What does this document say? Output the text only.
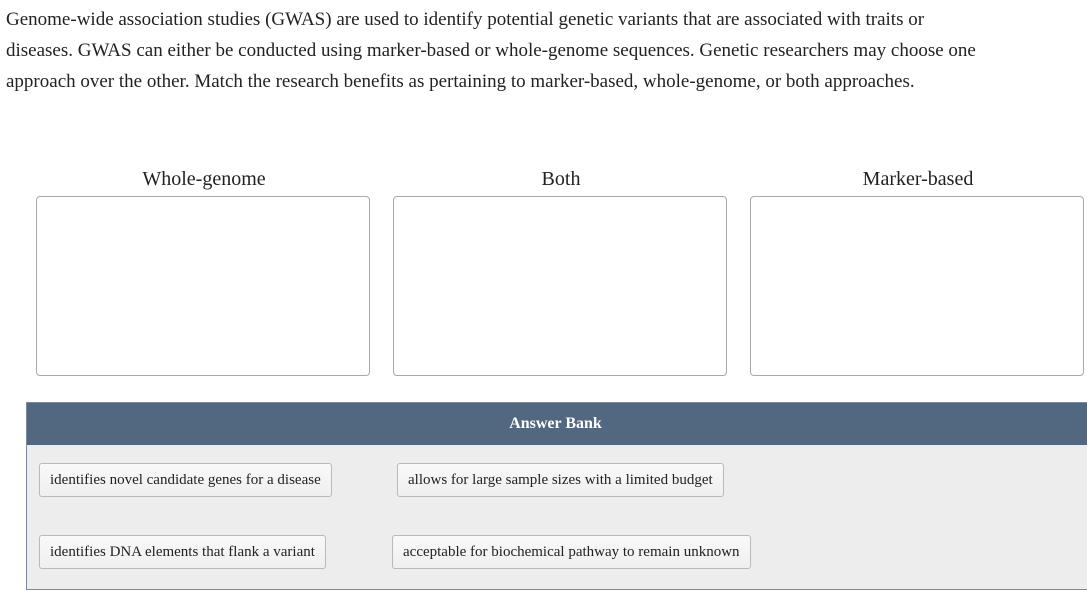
Genome-wide association studies (GWAS) are used to identify potential genetic variants that are associated with traits or
diseases. GWAS can either be conducted using marker-based or whole-genome sequences. Genetic researchers may choose one
approach over the other. Match the research benefits as pertaining to marker-based, whole-genome, or both approaches.
Whole-genome	Both	Marker-based
Answer Bank
identifies novel candidate genes for a disease	allows for large sample sizes with a limited budget
identifies DNA elements that flank a variant	acceptable for biochemical pathway to remain unknown
